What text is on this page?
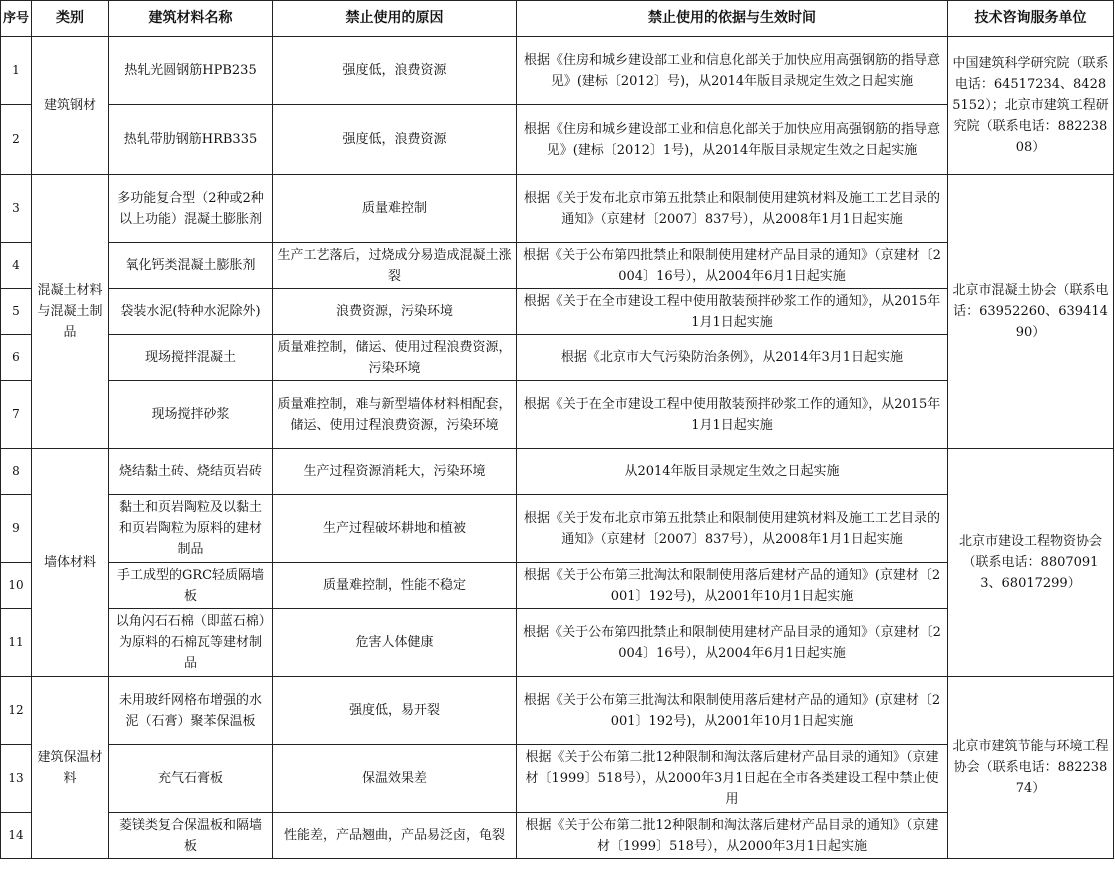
序号	类别	建筑材料名称	禁止使用的原因	禁止使用的依据与生效时间	技术咨询服务单位
1	建筑钢材	热轧光圆钢筋HPB235	强度低，浪费资源	根据《住房和城乡建设部工业和信息化部关于加快应用高强钢筋的指导意见》(建标〔2012〕号)，从2014年版目录规定生效之日起实施	中国建筑科学研究院（联系电话：64517234、84285152）；北京市建筑工程研究院（联系电话：88223808）
2		热轧带肋钢筋HRB335	强度低，浪费资源	根据《住房和城乡建设部工业和信息化部关于加快应用高强钢筋的指导意见》(建标〔2012〕1号)，从2014年版目录规定生效之日起实施	
3	混凝土材料与混凝土制品	多功能复合型（2种或2种以上功能）混凝土膨胀剂	质量难控制	根据《关于发布北京市第五批禁止和限制使用建筑材料及施工工艺目录的通知》（京建材〔2007〕837号），从2008年1月1日起实施	北京市混凝土协会（联系电话：63952260、63941490）
4		氧化钙类混凝土膨胀剂	生产工艺落后，过烧成分易造成混凝土涨裂	根据《关于公布第四批禁止和限制使用建材产品目录的通知》（京建材〔2004〕16号），从2004年6月1日起实施	
5		袋装水泥(特种水泥除外)	浪费资源，污染环境	根据《关于在全市建设工程中使用散装预拌砂浆工作的通知》，从2015年1月1日起实施	
6		现场搅拌混凝土	质量难控制，储运、使用过程浪费资源，污染环境	根据《北京市大气污染防治条例》，从2014年3月1日起实施	
7		现场搅拌砂浆	质量难控制，难与新型墙体材料相配套，储运、使用过程浪费资源，污染环境	根据《关于在全市建设工程中使用散装预拌砂浆工作的通知》，从2015年1月1日起实施	
8	墙体材料	烧结黏土砖、烧结页岩砖	生产过程资源消耗大，污染环境	从2014年版目录规定生效之日起实施	北京市建设工程物资协会（联系电话：88070913、68017299）
9		黏土和页岩陶粒及以黏土和页岩陶粒为原料的建材制品	生产过程破坏耕地和植被	根据《关于发布北京市第五批禁止和限制使用建筑材料及施工工艺目录的通知》（京建材〔2007〕837号），从2008年1月1日起实施	
10		手工成型的GRC轻质隔墙板	质量难控制，性能不稳定	根据《关于公布第三批淘汰和限制使用落后建材产品的通知》(京建材〔2001〕192号)，从2001年10月1日起实施	
11		以角闪石石棉（即蓝石棉）为原料的石棉瓦等建材制品	危害人体健康	根据《关于公布第四批禁止和限制使用建材产品目录的通知》（京建材〔2004〕16号），从2004年6月1日起实施	
12	建筑保温材料	未用玻纤网格布增强的水泥（石膏）聚苯保温板	强度低，易开裂	根据《关于公布第三批淘汰和限制使用落后建材产品的通知》(京建材〔2001〕192号)，从2001年10月1日起实施	北京市建筑节能与环境工程协会（联系电话：88223874）
13		充气石膏板	保温效果差	根据《关于公布第二批12种限制和淘汰落后建材产品目录的通知》（京建材〔1999〕518号），从2000年3月1日起在全市各类建设工程中禁止使用	
14		菱镁类复合保温板和隔墙板	性能差，产品翘曲，产品易泛卤，龟裂	根据《关于公布第二批12种限制和淘汰落后建材产品目录的通知》（京建材〔1999〕518号），从2000年3月1日起实施	
